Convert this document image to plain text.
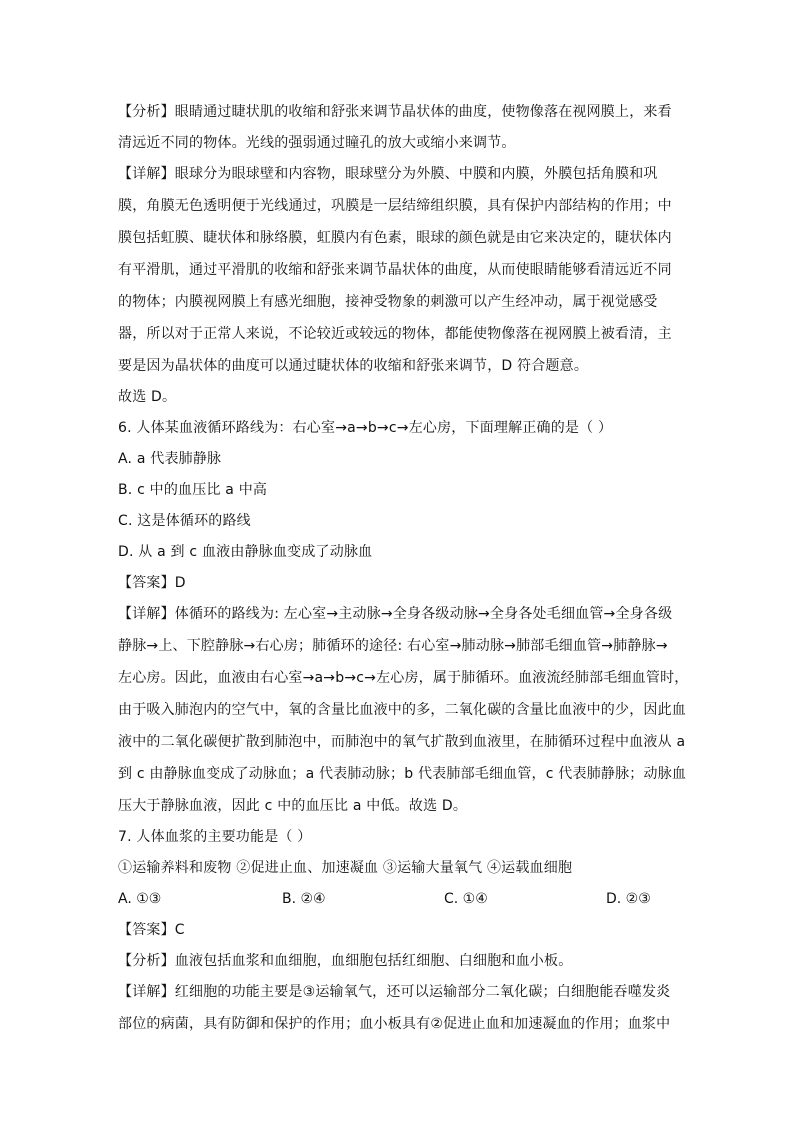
【分析】眼睛通过睫状肌的收缩和舒张来调节晶状体的曲度，使物像落在视网膜上，来看
清远近不同的物体。光线的强弱通过瞳孔的放大或缩小来调节。
【详解】眼球分为眼球壁和内容物，眼球壁分为外膜、中膜和内膜，外膜包括角膜和巩
膜，角膜无色透明便于光线通过，巩膜是一层结缔组织膜，具有保护内部结构的作用；中
膜包括虹膜、睫状体和脉络膜，虹膜内有色素，眼球的颜色就是由它来决定的，睫状体内
有平滑肌，通过平滑肌的收缩和舒张来调节晶状体的曲度，从而使眼睛能够看清远近不同
的物体；内膜视网膜上有感光细胞，接神受物象的刺激可以产生经冲动，属于视觉感受
器，所以对于正常人来说，不论较近或较远的物体，都能使物像落在视网膜上被看清，主
要是因为晶状体的曲度可以通过睫状体的收缩和舒张来调节，D 符合题意。
故选 D。
6. 人体某血液循环路线为：右心室→a→b→c→左心房，下面理解正确的是（ ）
A. a 代表肺静脉
B. c 中的血压比 a 中高
C. 这是体循环的路线
D. 从 a 到 c 血液由静脉血变成了动脉血
【答案】D
【详解】体循环的路线为: 左心室→主动脉→全身各级动脉→全身各处毛细血管→全身各级
静脉→上、下腔静脉→右心房；肺循环的途径: 右心室→肺动脉→肺部毛细血管→肺静脉→
左心房。因此，血液由右心室→a→b→c→左心房，属于肺循环。血液流经肺部毛细血管时，
由于吸入肺泡内的空气中，氧的含量比血液中的多，二氧化碳的含量比血液中的少，因此血
液中的二氧化碳便扩散到肺泡中，而肺泡中的氧气扩散到血液里，在肺循环过程中血液从 a
到 c 由静脉血变成了动脉血；a 代表肺动脉；b 代表肺部毛细血管，c 代表肺静脉；动脉血
压大于静脉血液，因此 c 中的血压比 a 中低。故选 D。
7. 人体血浆的主要功能是（ ）
①运输养料和废物 ②促进止血、加速凝血 ③运输大量氧气 ④运载血细胞
A. ①③	B. ②④	C. ①④	D. ②③
【答案】C
【分析】血液包括血浆和血细胞，血细胞包括红细胞、白细胞和血小板。
【详解】红细胞的功能主要是③运输氧气，还可以运输部分二氧化碳；白细胞能吞噬发炎
部位的病菌，具有防御和保护的作用；血小板具有②促进止血和加速凝血的作用；血浆中
